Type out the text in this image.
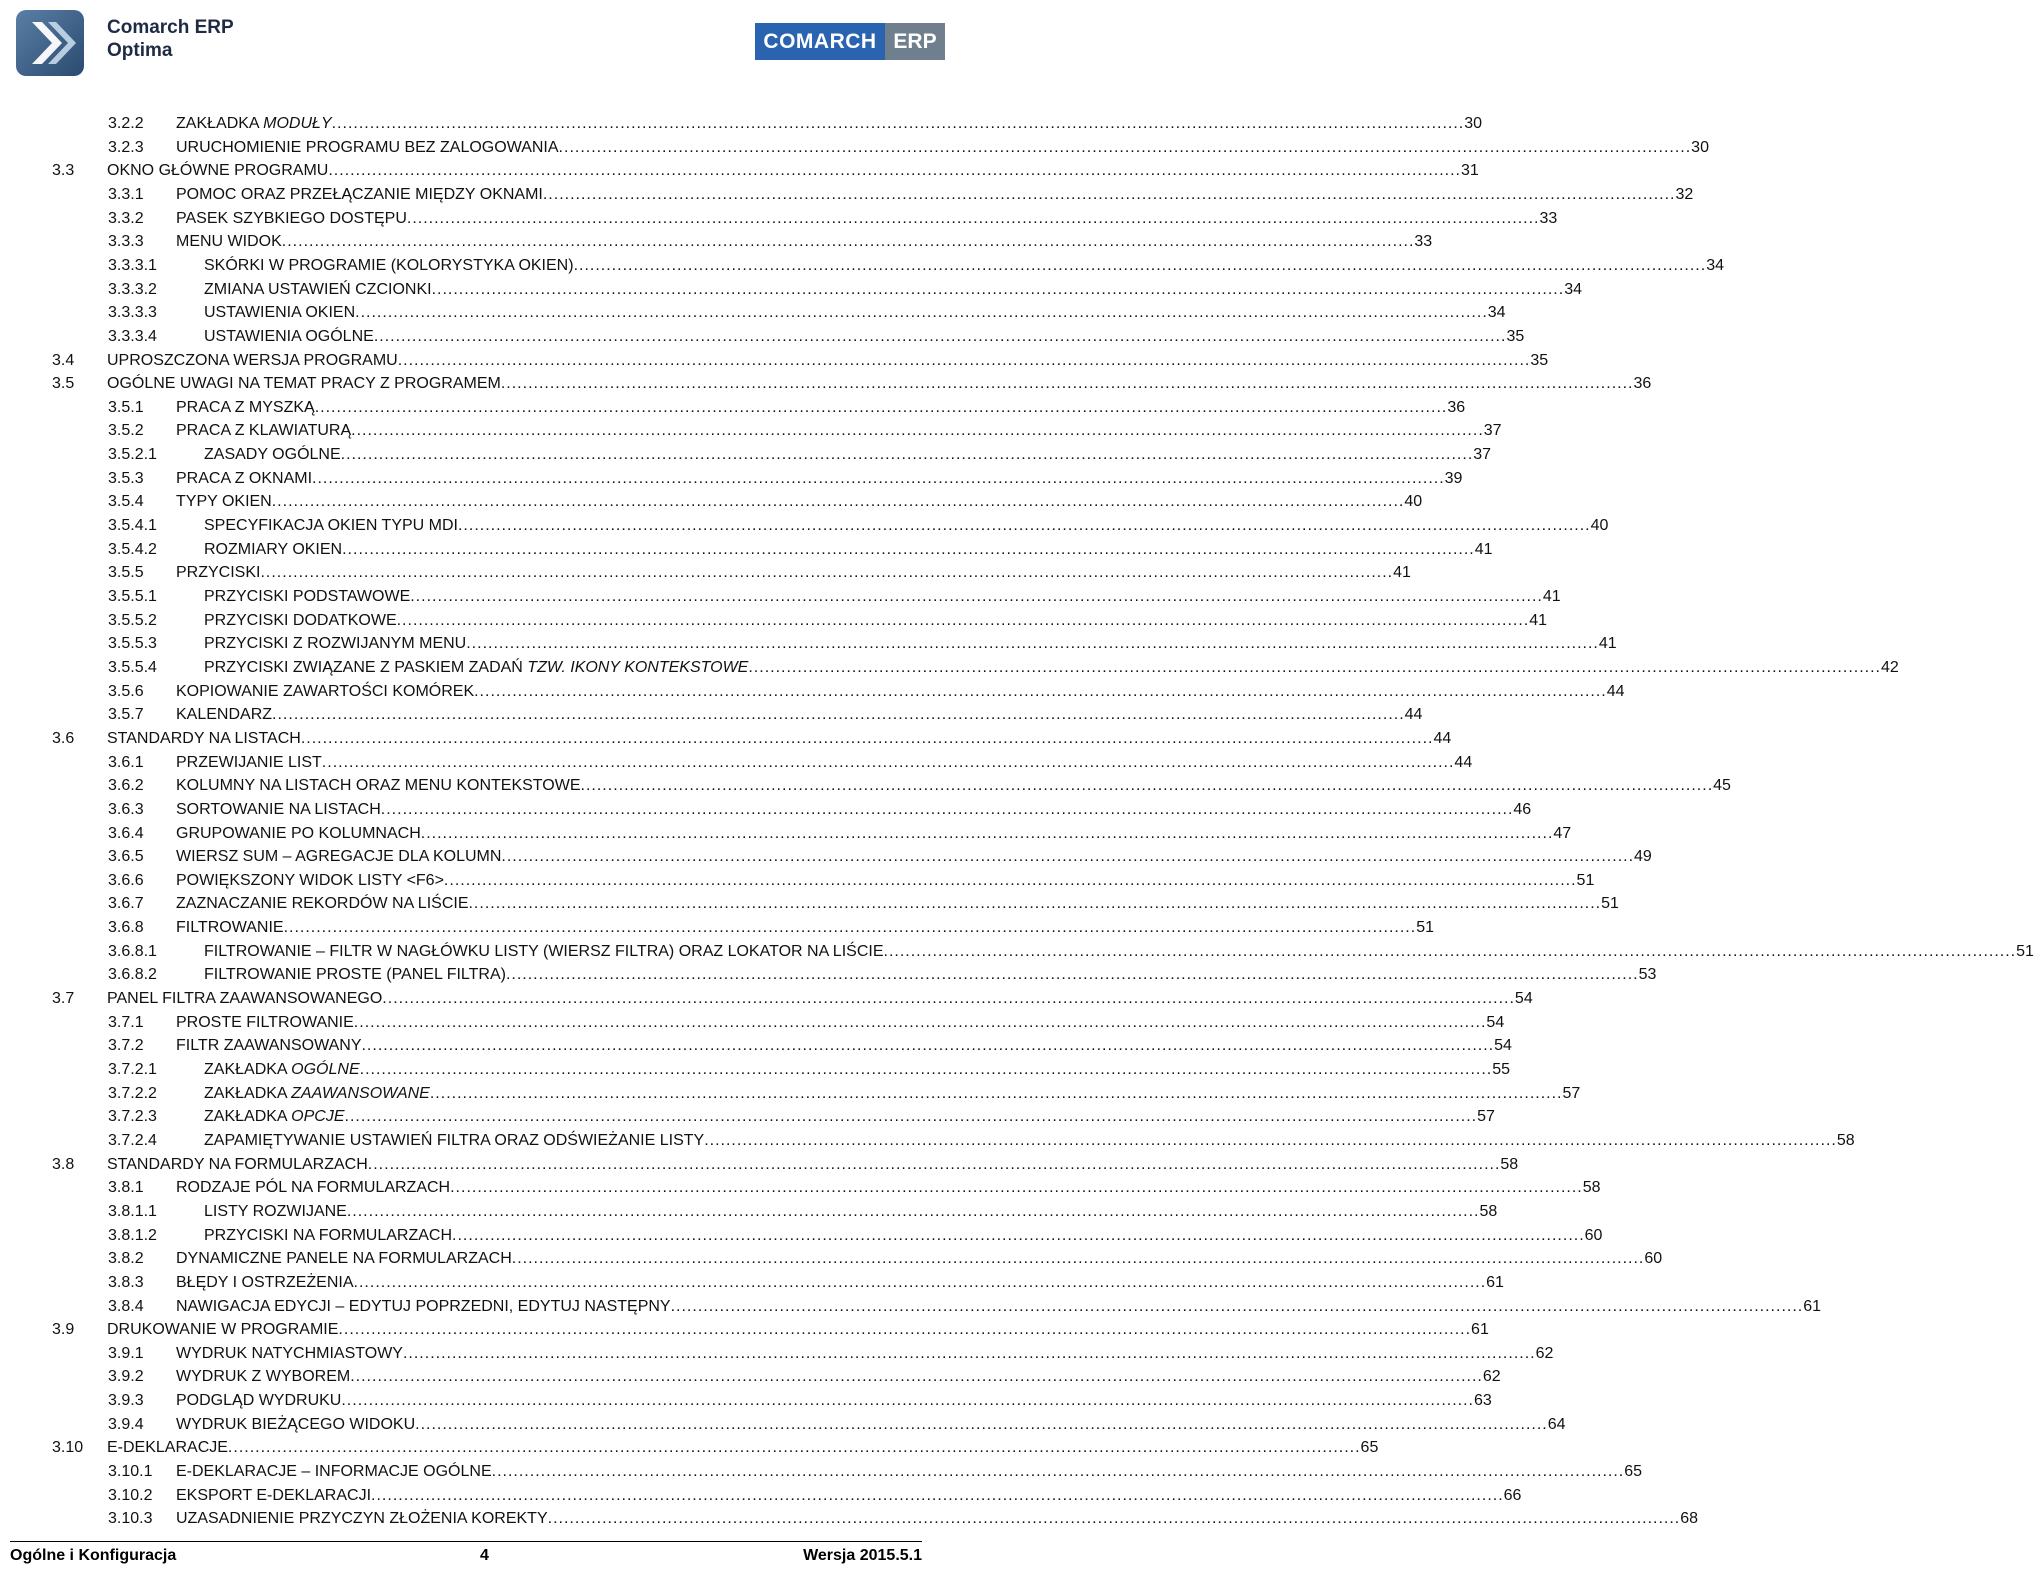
Comarch ERP
Optima	COMARCH ERP
3.2.2	ZAKŁADKA MODUŁY .....	30
3.2.3	URUCHOMIENIE PROGRAMU BEZ ZALOGOWANIA .....	30
3.3	OKNO GŁÓWNE PROGRAMU .....	31
3.3.1	POMOC ORAZ PRZEŁĄCZANIE MIĘDZY OKNAMI .....	32
3.3.2	PASEK SZYBKIEGO DOSTĘPU .....	33
3.3.3	MENU WIDOK .....	33
3.3.3.1	SKÓRKI W PROGRAMIE (KOLORYSTYKA OKIEN) .....	34
3.3.3.2	ZMIANA USTAWIEŃ CZCIONKI .....	34
3.3.3.3	USTAWIENIA OKIEN .....	34
3.3.3.4	USTAWIENIA OGÓLNE .....	35
3.4	UPROSZCZONA WERSJA PROGRAMU .....	35
3.5	OGÓLNE UWAGI NA TEMAT PRACY Z PROGRAMEM .....	36
3.5.1	PRACA Z MYSZKĄ .....	36
3.5.2	PRACA Z KLAWIATURĄ .....	37
3.5.2.1	ZASADY OGÓLNE .....	37
3.5.3	PRACA Z OKNAMI .....	39
3.5.4	TYPY OKIEN .....	40
3.5.4.1	SPECYFIKACJA OKIEN TYPU MDI .....	40
3.5.4.2	ROZMIARY OKIEN .....	41
3.5.5	PRZYCISKI .....	41
3.5.5.1	PRZYCISKI PODSTAWOWE .....	41
3.5.5.2	PRZYCISKI DODATKOWE .....	41
3.5.5.3	PRZYCISKI Z ROZWIJANYM MENU .....	41
3.5.5.4	PRZYCISKI ZWIĄZANE Z PASKIEM ZADAŃ TZW. IKONY KONTEKSTOWE .....	42
3.5.6	KOPIOWANIE ZAWARTOŚCI KOMÓREK .....	44
3.5.7	KALENDARZ .....	44
3.6	STANDARDY NA LISTACH .....	44
3.6.1	PRZEWIJANIE LIST .....	44
3.6.2	KOLUMNY NA LISTACH ORAZ MENU KONTEKSTOWE .....	45
3.6.3	SORTOWANIE NA LISTACH .....	46
3.6.4	GRUPOWANIE PO KOLUMNACH .....	47
3.6.5	WIERSZ SUM – AGREGACJE DLA KOLUMN .....	49
3.6.6	POWIĘKSZONY WIDOK LISTY <F6> .....	51
3.6.7	ZAZNACZANIE REKORDÓW NA LIŚCIE .....	51
3.6.8	FILTROWANIE .....	51
3.6.8.1	FILTROWANIE – FILTR W NAGŁÓWKU LISTY (WIERSZ FILTRA) ORAZ LOKATOR NA LIŚCIE .....	51
3.6.8.2	FILTROWANIE PROSTE (PANEL FILTRA) .....	53
3.7	PANEL FILTRA ZAAWANSOWANEGO .....	54
3.7.1	PROSTE FILTROWANIE .....	54
3.7.2	FILTR ZAAWANSOWANY .....	54
3.7.2.1	ZAKŁADKA OGÓLNE .....	55
3.7.2.2	ZAKŁADKA ZAAWANSOWANE .....	57
3.7.2.3	ZAKŁADKA OPCJE .....	57
3.7.2.4	ZAPAMIĘTYWANIE USTAWIEŃ FILTRA ORAZ ODŚWIEŻANIE LISTY .....	58
3.8	STANDARDY NA FORMULARZACH .....	58
3.8.1	RODZAJE PÓL NA FORMULARZACH .....	58
3.8.1.1	LISTY ROZWIJANE .....	58
3.8.1.2	PRZYCISKI NA FORMULARZACH .....	60
3.8.2	DYNAMICZNE PANELE NA FORMULARZACH .....	60
3.8.3	BŁĘDY I OSTRZEŻENIA .....	61
3.8.4	NAWIGACJA EDYCJI – EDYTUJ POPRZEDNI, EDYTUJ NASTĘPNY .....	61
3.9	DRUKOWANIE W PROGRAMIE .....	61
3.9.1	WYDRUK NATYCHMIASTOWY .....	62
3.9.2	WYDRUK Z WYBOREM .....	62
3.9.3	PODGLĄD WYDRUKU .....	63
3.9.4	WYDRUK BIEŻĄCEGO WIDOKU .....	64
3.10	E-DEKLARACJE .....	65
3.10.1	E-DEKLARACJE – INFORMACJE OGÓLNE .....	65
3.10.2	EKSPORT E-DEKLARACJI .....	66
3.10.3	UZASADNIENIE PRZYCZYN ZŁOŻENIA KOREKTY .....	68
Ogólne i Konfiguracja	4	Wersja 2015.5.1
